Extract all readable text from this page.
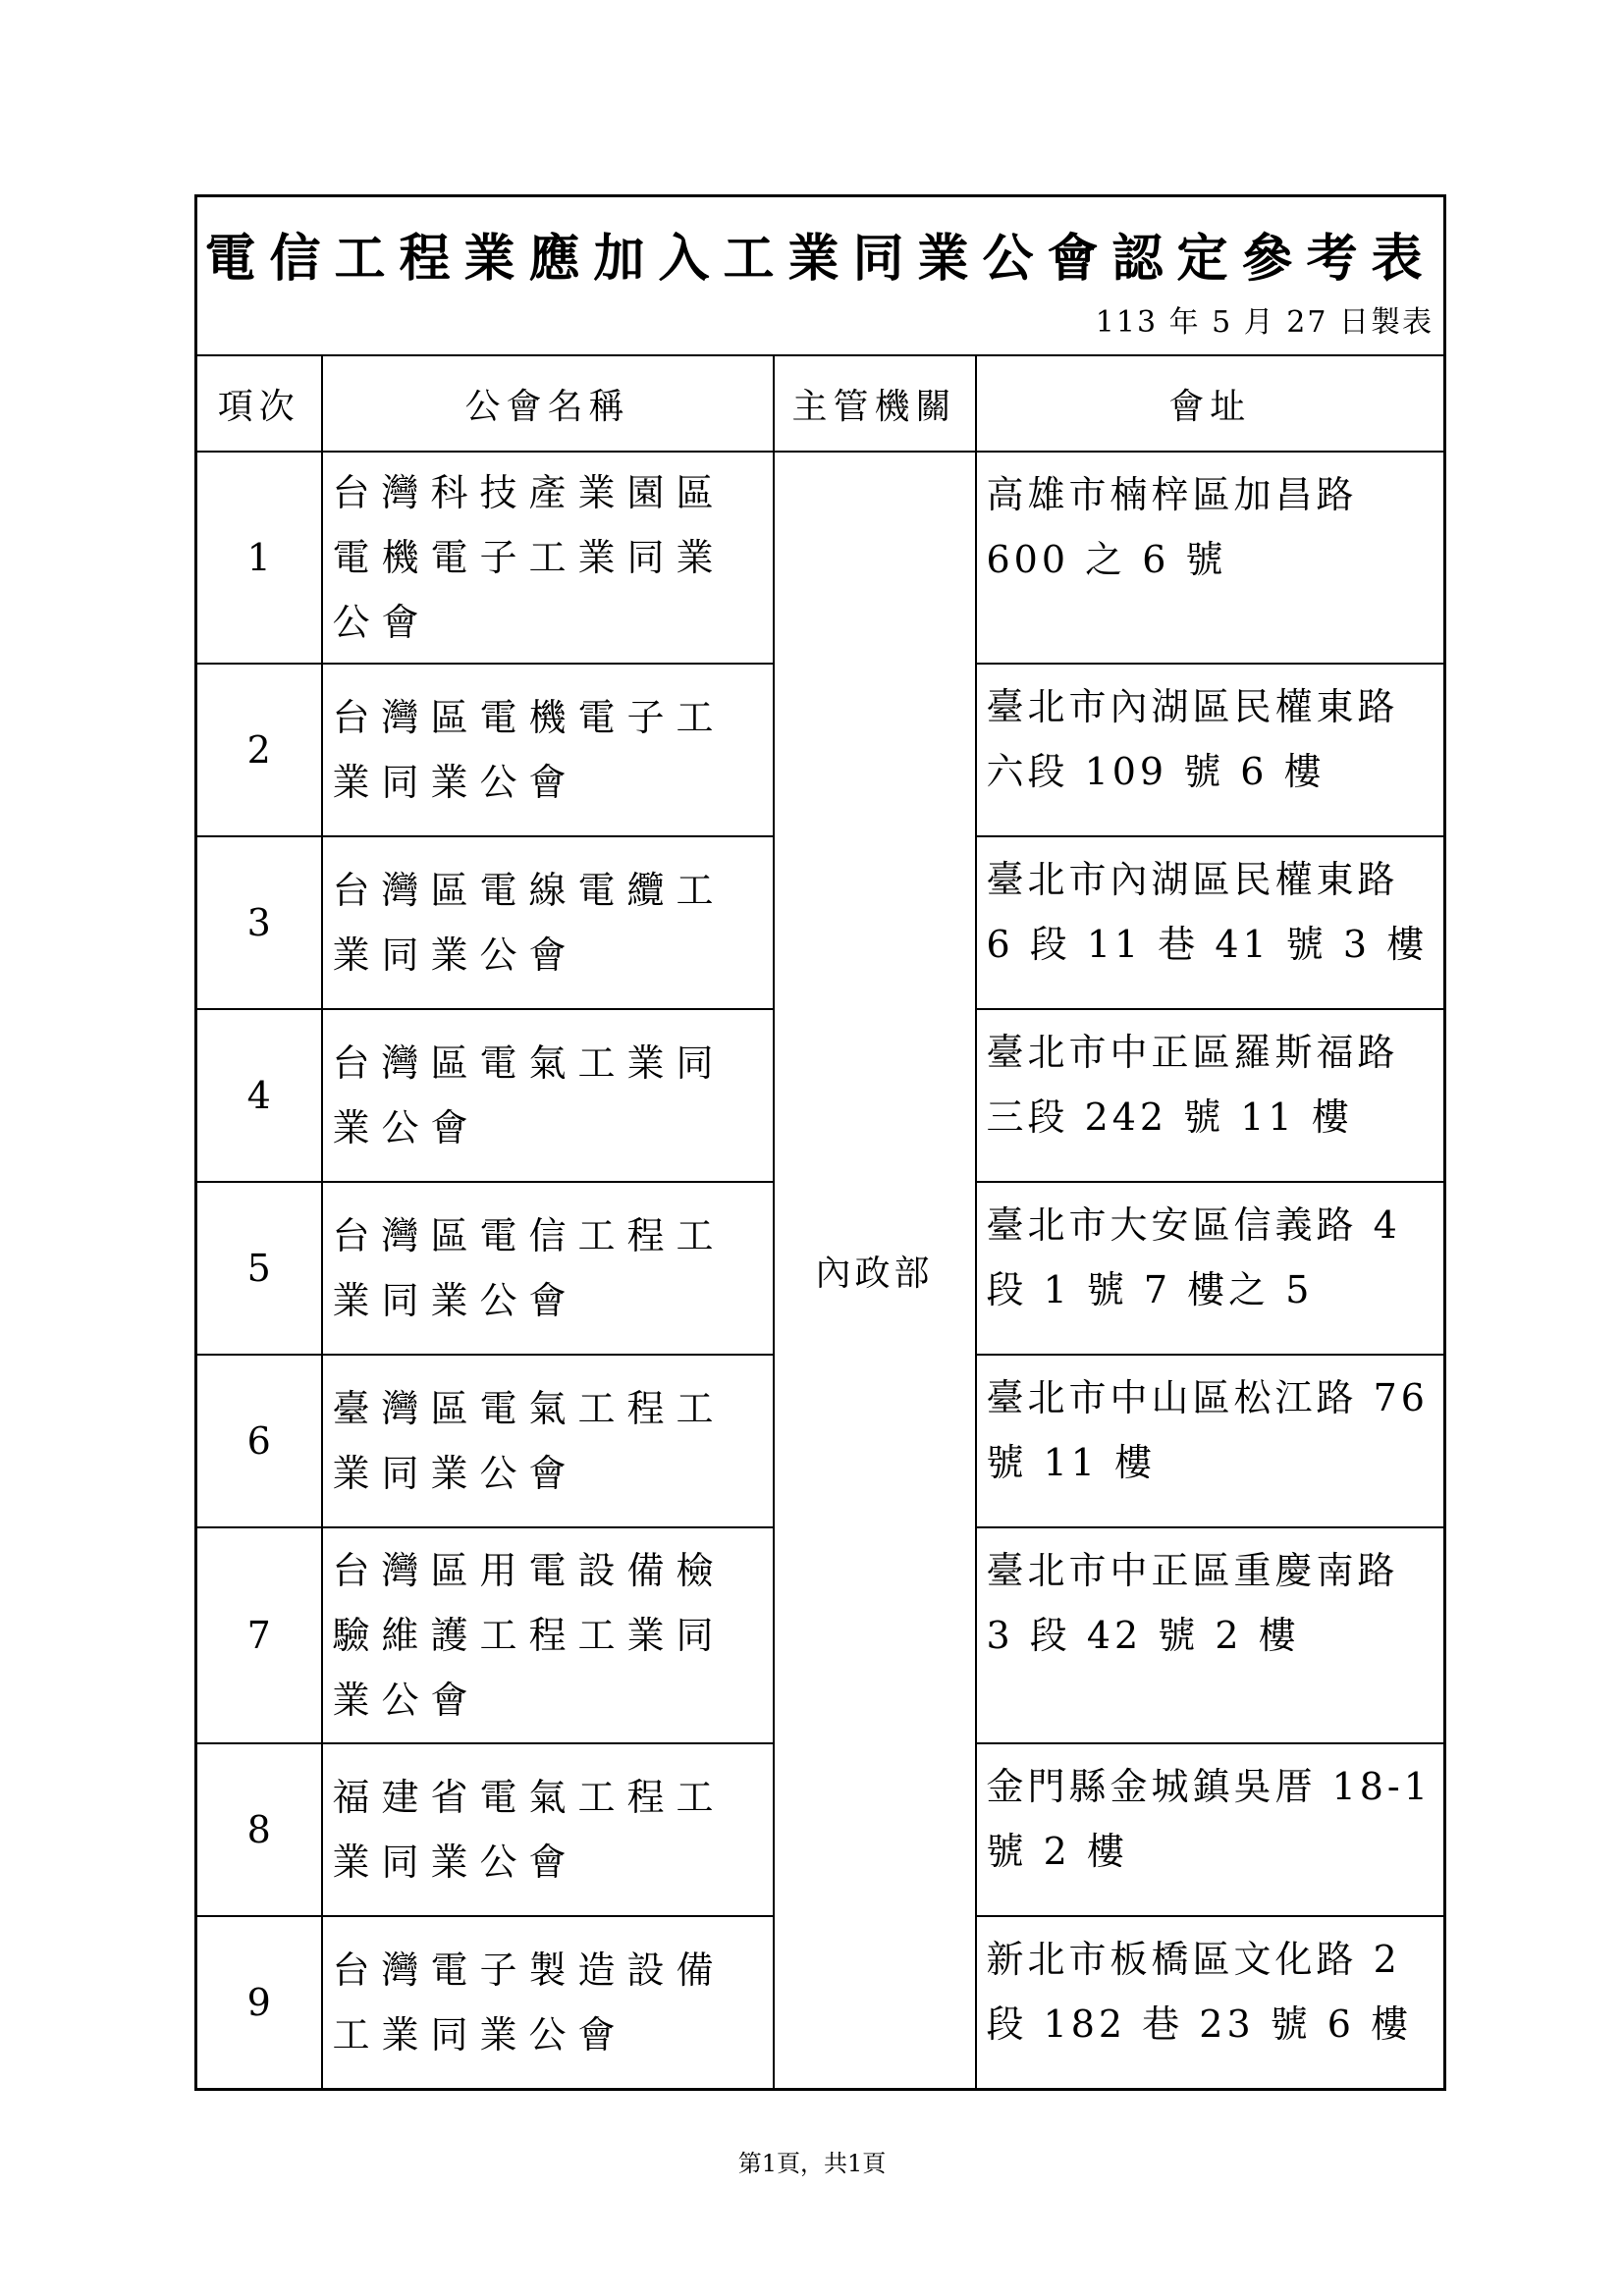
電信工程業應加入工業同業公會認定參考表
113 年 5 月 27 日製表			

項次	公會名稱	主管機關	會址
1	台灣科技產業園區電機電子工業同業公會	內政部	高雄市楠梓區加昌路 600 之 6 號
2	台灣區電機電子工業同業公會		臺北市內湖區民權東路六段 109 號 6 樓
3	台灣區電線電纜工業同業公會		臺北市內湖區民權東路 6 段 11 巷 41 號 3 樓
4	台灣區電氣工業同業公會		臺北市中正區羅斯福路三段 242 號 11 樓
5	台灣區電信工程工業同業公會		臺北市大安區信義路 4 段 1 號 7 樓之 5
6	臺灣區電氣工程工業同業公會		臺北市中山區松江路 76 號 11 樓
7	台灣區用電設備檢驗維護工程工業同業公會		臺北市中正區重慶南路 3 段 42 號 2 樓
8	福建省電氣工程工業同業公會		金門縣金城鎮吳厝 18-1 號 2 樓
9	台灣電子製造設備工業同業公會		新北市板橋區文化路 2 段 182 巷 23 號 6 樓
第1頁，共1頁
